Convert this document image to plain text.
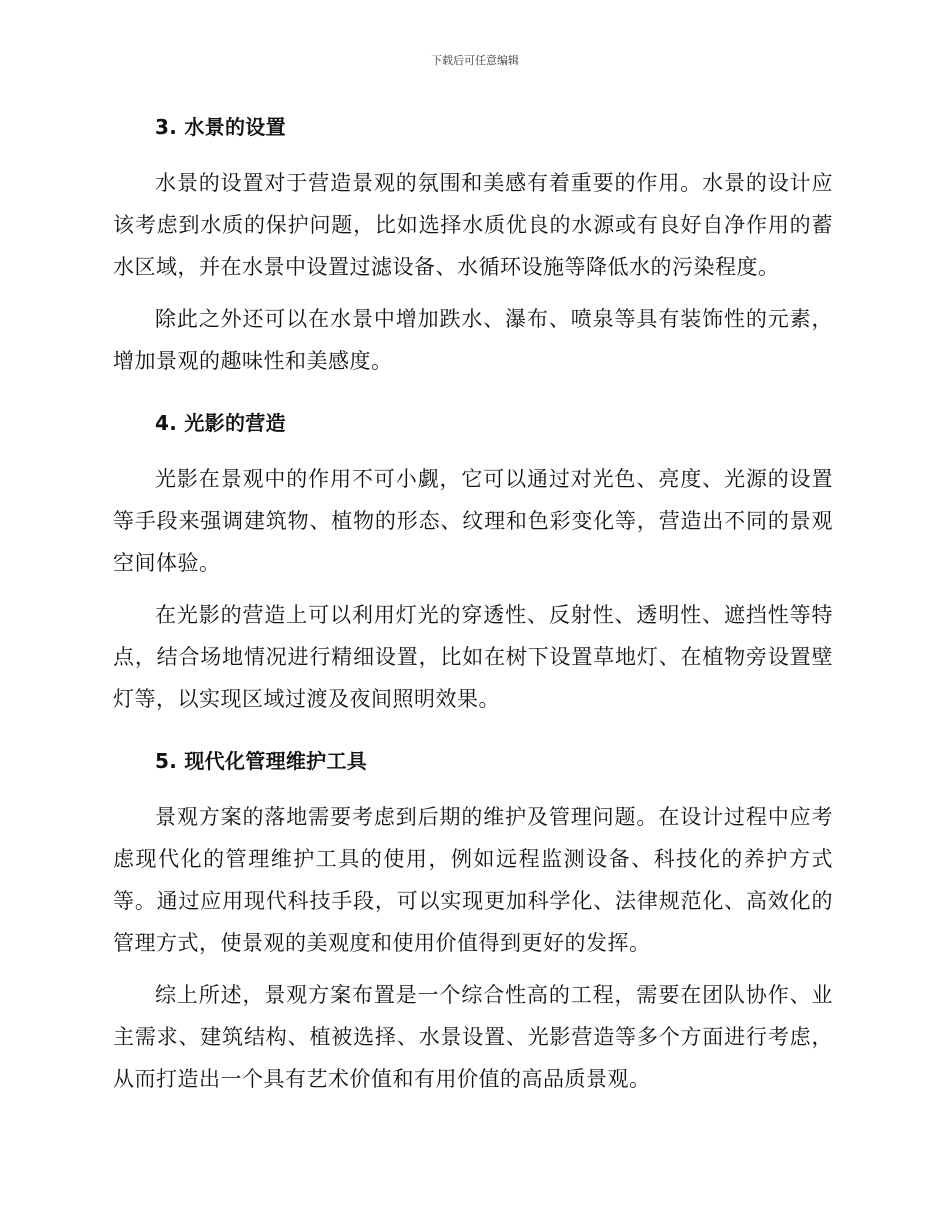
下载后可任意编辑
3. 水景的设置

水景的设置对于营造景观的氛围和美感有着重要的作用。水景的设计应该考虑到水质的保护问题，比如选择水质优良的水源或有良好自净作用的蓄水区域，并在水景中设置过滤设备、水循环设施等降低水的污染程度。

除此之外还可以在水景中增加跌水、瀑布、喷泉等具有装饰性的元素，增加景观的趣味性和美感度。

4. 光影的营造

光影在景观中的作用不可小觑，它可以通过对光色、亮度、光源的设置等手段来强调建筑物、植物的形态、纹理和色彩变化等，营造出不同的景观空间体验。

在光影的营造上可以利用灯光的穿透性、反射性、透明性、遮挡性等特点，结合场地情况进行精细设置，比如在树下设置草地灯、在植物旁设置壁灯等，以实现区域过渡及夜间照明效果。

5. 现代化管理维护工具

景观方案的落地需要考虑到后期的维护及管理问题。在设计过程中应考虑现代化的管理维护工具的使用，例如远程监测设备、科技化的养护方式等。通过应用现代科技手段，可以实现更加科学化、法律规范化、高效化的管理方式，使景观的美观度和使用价值得到更好的发挥。

综上所述，景观方案布置是一个综合性高的工程，需要在团队协作、业主需求、建筑结构、植被选择、水景设置、光影营造等多个方面进行考虑，从而打造出一个具有艺术价值和有用价值的高品质景观。
